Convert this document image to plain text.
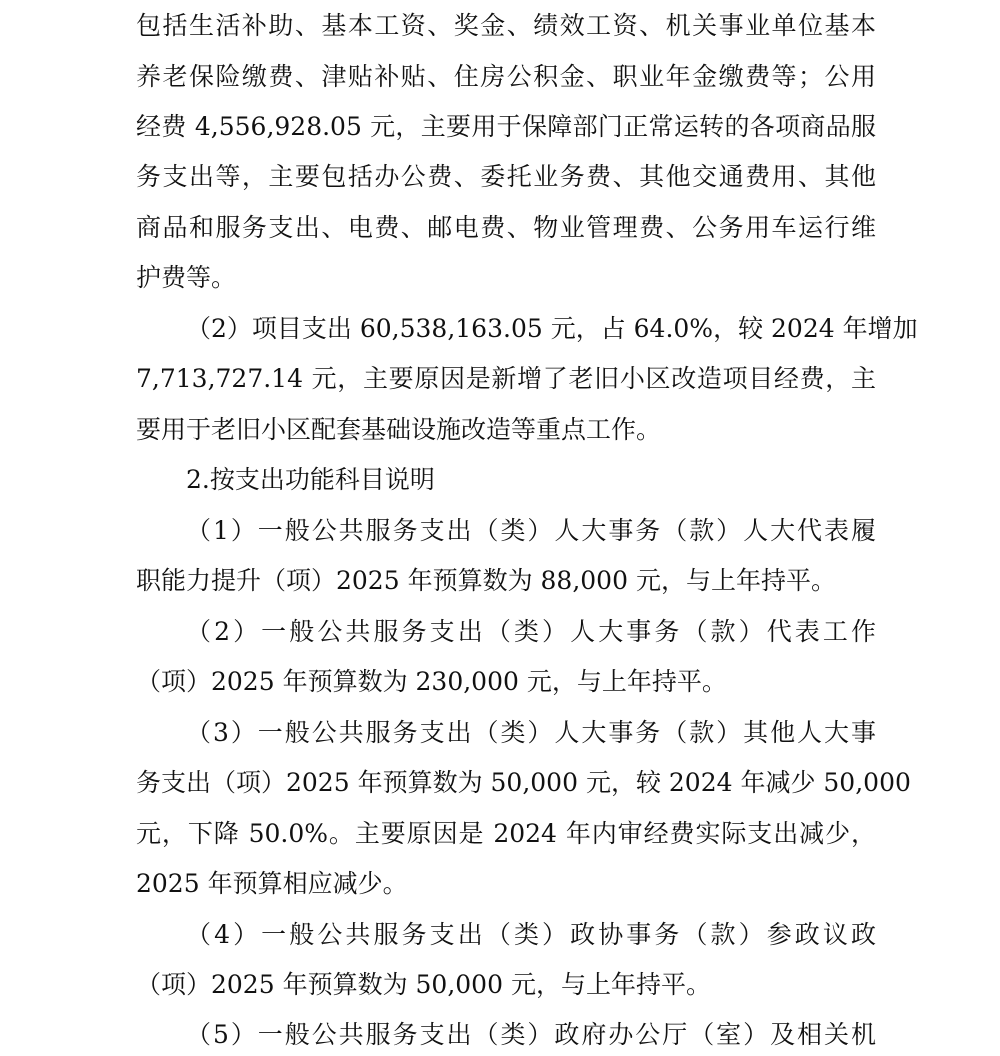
包括生活补助、基本工资、奖金、绩效工资、机关事业单位基本
养老保险缴费、津贴补贴、住房公积金、职业年金缴费等；公用
经费 4,556,928.05 元，主要用于保障部门正常运转的各项商品服
务支出等，主要包括办公费、委托业务费、其他交通费用、其他
商品和服务支出、电费、邮电费、物业管理费、公务用车运行维
护费等。
（2）项目支出 60,538,163.05 元，占 64.0%，较 2024 年增加
7,713,727.14 元，主要原因是新增了老旧小区改造项目经费，主
要用于老旧小区配套基础设施改造等重点工作。
2.按支出功能科目说明
（1）一般公共服务支出（类）人大事务（款）人大代表履
职能力提升（项）2025 年预算数为 88,000 元，与上年持平。
（2）一般公共服务支出（类）人大事务（款）代表工作
（项）2025 年预算数为 230,000 元，与上年持平。
（3）一般公共服务支出（类）人大事务（款）其他人大事
务支出（项）2025 年预算数为 50,000 元，较 2024 年减少 50,000
元，下降 50.0%。主要原因是 2024 年内审经费实际支出减少，
2025 年预算相应减少。
（4）一般公共服务支出（类）政协事务（款）参政议政
（项）2025 年预算数为 50,000 元，与上年持平。
（5）一般公共服务支出（类）政府办公厅（室）及相关机
